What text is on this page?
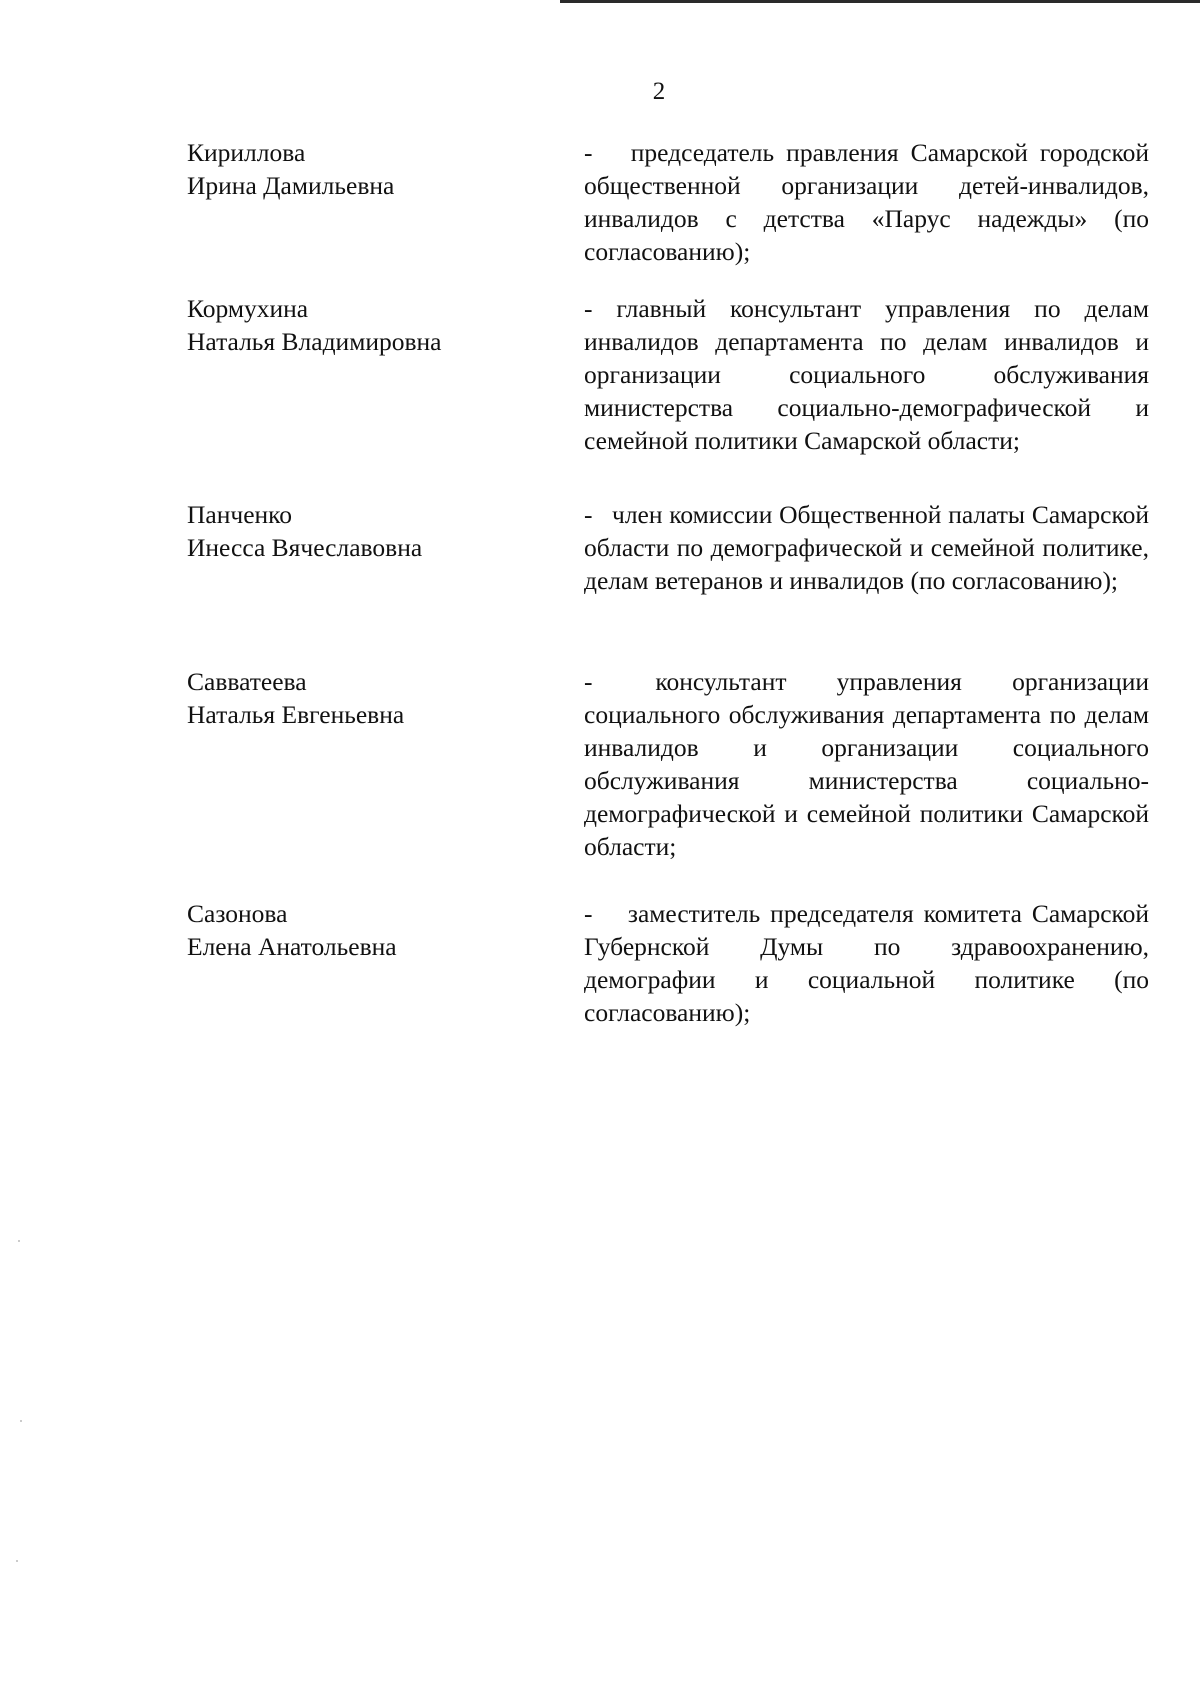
2
Кириллова
Ирина Дамильевна
-  председатель правления Самарской городской общественной организации детей-инвалидов, инвалидов с детства «Парус надежды» (по согласованию);
Кормухина
Наталья Владимировна
- главный консультант управления по делам инвалидов департамента по делам инвалидов и организации социального обслуживания министерства социально-демографической и семейной политики Самарской области;
Панченко
Инесса Вячеславовна
-  член комиссии Общественной палаты Самарской области по демографической и семейной политике, делам ветеранов и инвалидов (по согласованию);
Савватеева
Наталья Евгеньевна
-  консультант управления организации социального обслуживания департамента по делам инвалидов и организации социального обслуживания министерства социально-демографической и семейной политики Самарской области;
Сазонова
Елена Анатольевна
-  заместитель председателя комитета Самарской Губернской Думы по здравоохранению, демографии и социальной политике (по согласованию);
